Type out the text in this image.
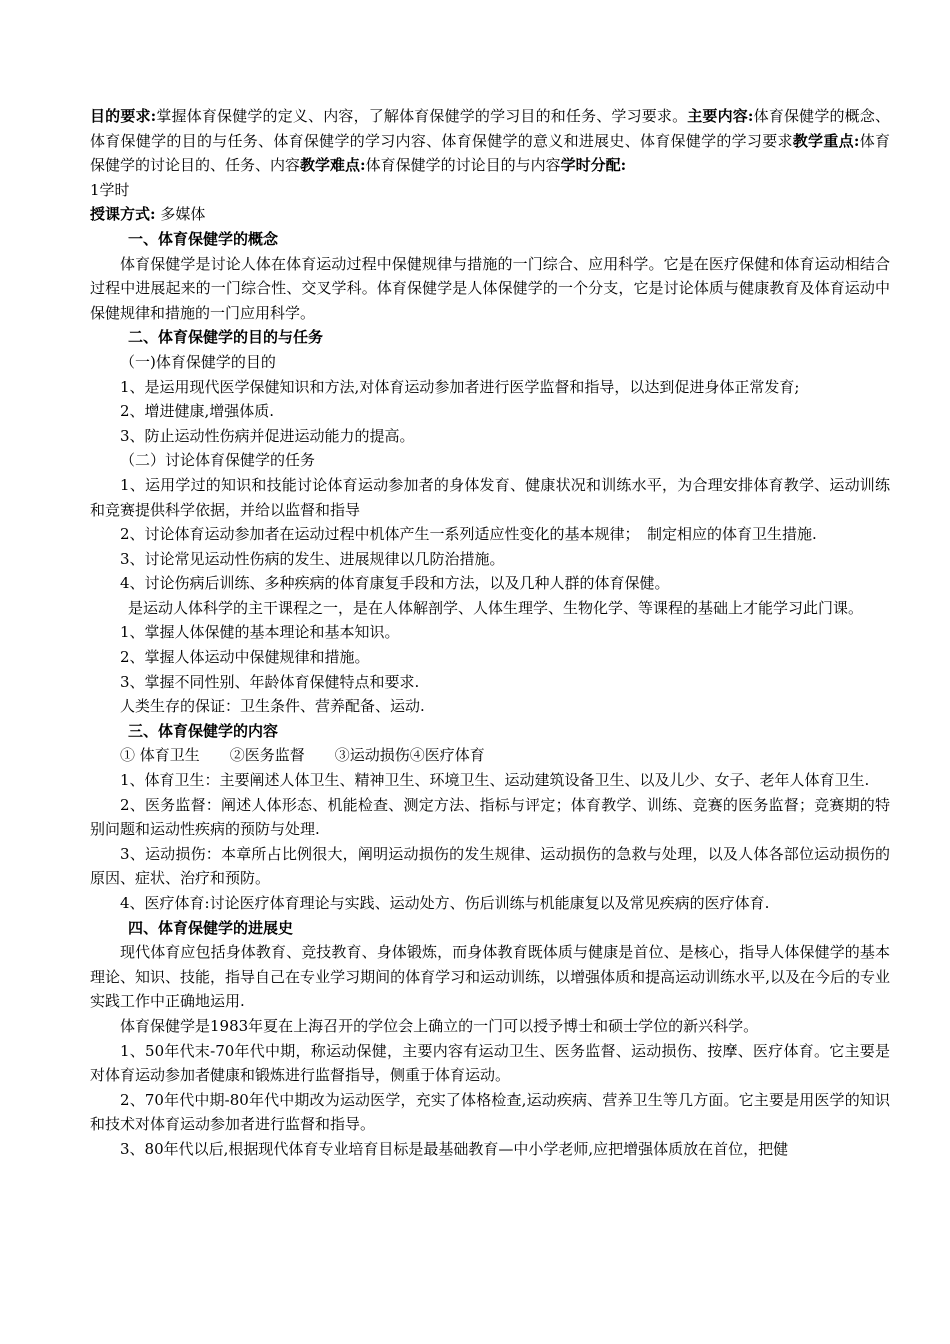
目的要求:掌握体育保健学的定义、内容，了解体育保健学的学习目的和任务、学习要求。主要内容:体育保健学的概念、体育保健学的目的与任务、体育保健学的学习内容、体育保健学的意义和进展史、体育保健学的学习要求教学重点:体育保健学的讨论目的、任务、内容教学难点:体育保健学的讨论目的与内容学时分配:
1学时

授课方式: 多媒体

一、体育保健学的概念

体育保健学是讨论人体在体育运动过程中保健规律与措施的一门综合、应用科学。它是在医疗保健和体育运动相结合过程中进展起来的一门综合性、交叉学科。体育保健学是人体保健学的一个分支，它是讨论体质与健康教育及体育运动中保健规律和措施的一门应用科学。

二、体育保健学的目的与任务

（一)体育保健学的目的

1、是运用现代医学保健知识和方法,对体育运动参加者进行医学监督和指导，以达到促进身体正常发育;

2、增进健康,增强体质.

3、防止运动性伤病并促进运动能力的提高。

（二）讨论体育保健学的任务

1、运用学过的知识和技能讨论体育运动参加者的身体发育、健康状况和训练水平，为合理安排体育教学、运动训练和竞赛提供科学依据，并给以监督和指导

2、讨论体育运动参加者在运动过程中机体产生一系列适应性变化的基本规律；　制定相应的体育卫生措施.

3、讨论常见运动性伤病的发生、进展规律以几防治措施。

4、讨论伤病后训练、多种疾病的体育康复手段和方法，以及几种人群的体育保健。

是运动人体科学的主干课程之一，是在人体解剖学、人体生理学、生物化学、等课程的基础上才能学习此门课。

1、掌握人体保健的基本理论和基本知识。

2、掌握人体运动中保健规律和措施。

3、掌握不同性别、年龄体育保健特点和要求.

人类生存的保证：卫生条件、营养配备、运动.

三、体育保健学的内容

① 体育卫生 ②医务监督 ③运动损伤④医疗体育

1、体育卫生：主要阐述人体卫生、精神卫生、环境卫生、运动建筑设备卫生、以及儿少、女子、老年人体育卫生.

2、医务监督：阐述人体形态、机能检查、测定方法、指标与评定；体育教学、训练、竞赛的医务监督；竞赛期的特别问题和运动性疾病的预防与处理.

3、运动损伤：本章所占比例很大，阐明运动损伤的发生规律、运动损伤的急救与处理，以及人体各部位运动损伤的原因、症状、治疗和预防。

4、医疗体育:讨论医疗体育理论与实践、运动处方、伤后训练与机能康复以及常见疾病的医疗体育.

四、体育保健学的进展史

现代体育应包括身体教育、竞技教育、身体锻炼，而身体教育既体质与健康是首位、是核心，指导人体保健学的基本理论、知识、技能，指导自己在专业学习期间的体育学习和运动训练，以增强体质和提高运动训练水平,以及在今后的专业实践工作中正确地运用.

体育保健学是1983年夏在上海召开的学位会上确立的一门可以授予博士和硕士学位的新兴科学。

1、50年代末-70年代中期，称运动保健，主要内容有运动卫生、医务监督、运动损伤、按摩、医疗体育。它主要是对体育运动参加者健康和锻炼进行监督指导，侧重于体育运动。

2、70年代中期-80年代中期改为运动医学，充实了体格检查,运动疾病、营养卫生等几方面。它主要是用医学的知识和技术对体育运动参加者进行监督和指导。

3、80年代以后,根据现代体育专业培育目标是最基础教育—中小学老师,应把增强体质放在首位，把健
